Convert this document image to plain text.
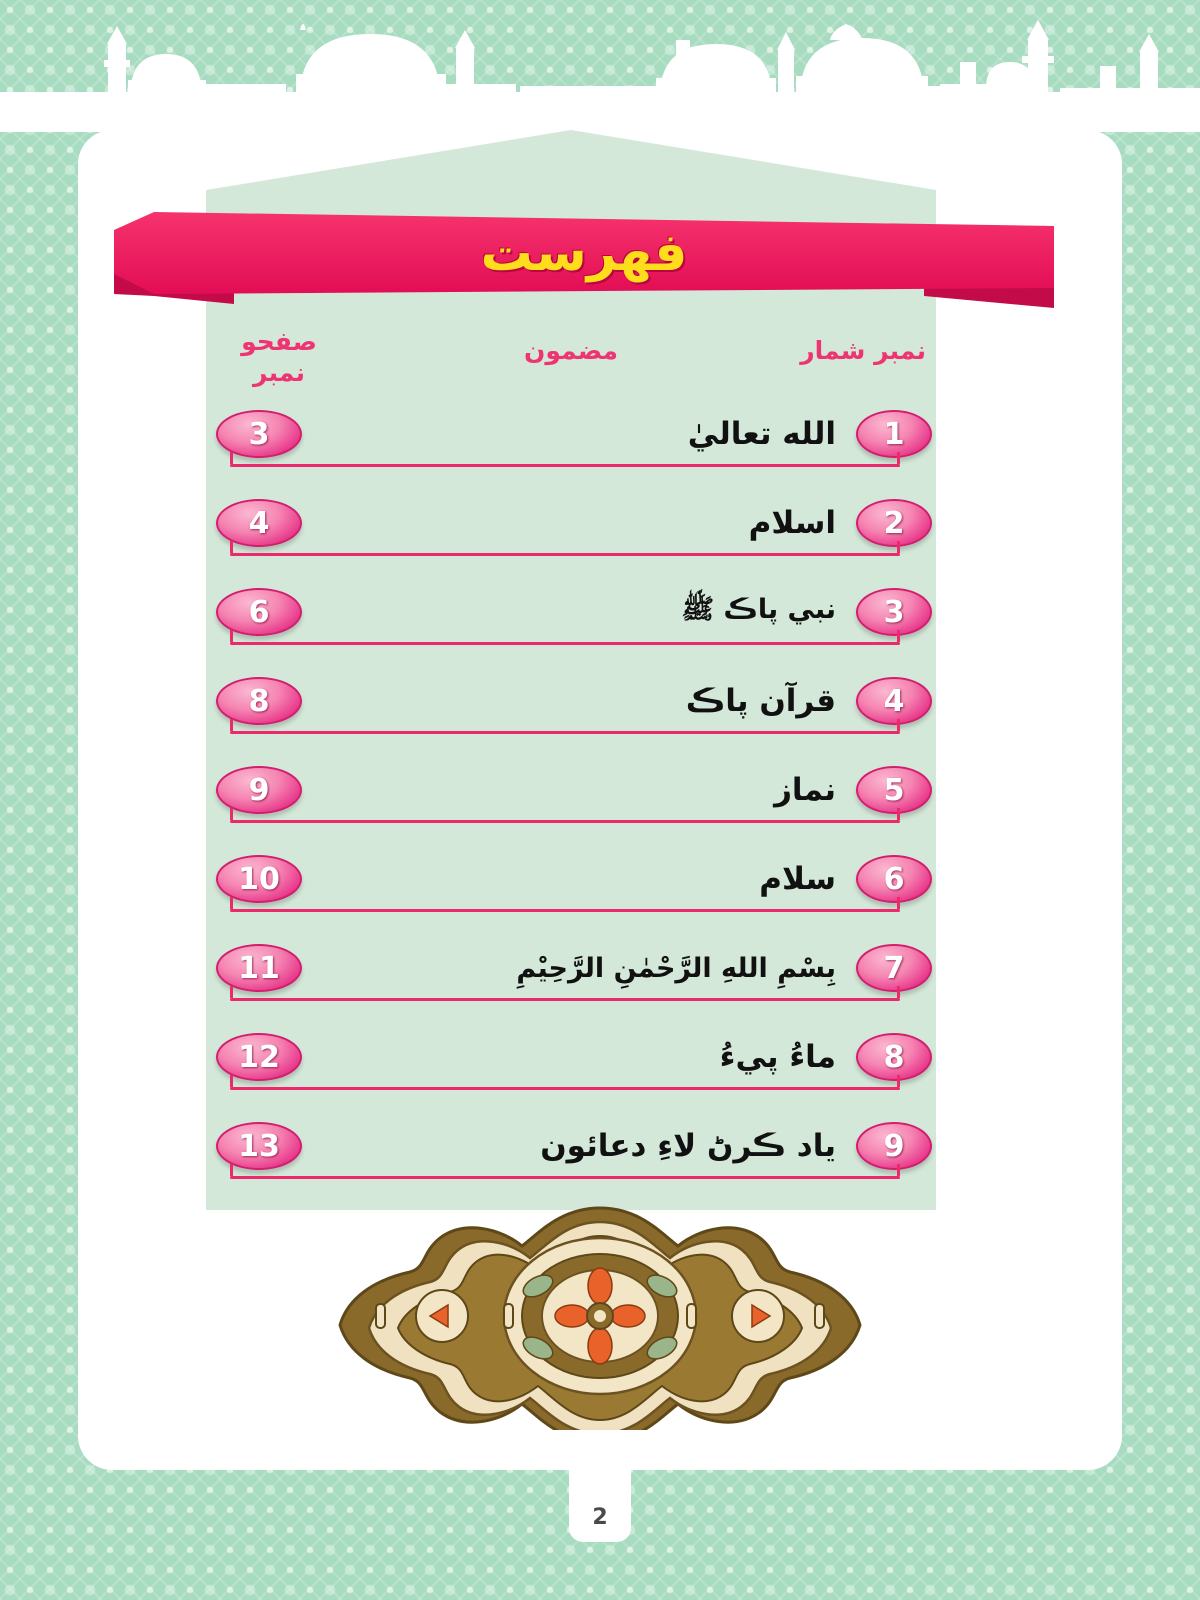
فهرست
نمبر شمار
مضمون
صفحو
نمبر
1
الله تعاليٰ
3
2
اسلام
4
3
نبي پاڪ ﷺ
6
4
قرآن پاڪ
8
5
نماز
9
6
سلام
10
7
بِسْمِ اللهِ الرَّحْمٰنِ الرَّحِيْمِ
11
8
ماءُ پيءُ
12
9
ياد ڪرڻ لاءِ دعائون
13
2
